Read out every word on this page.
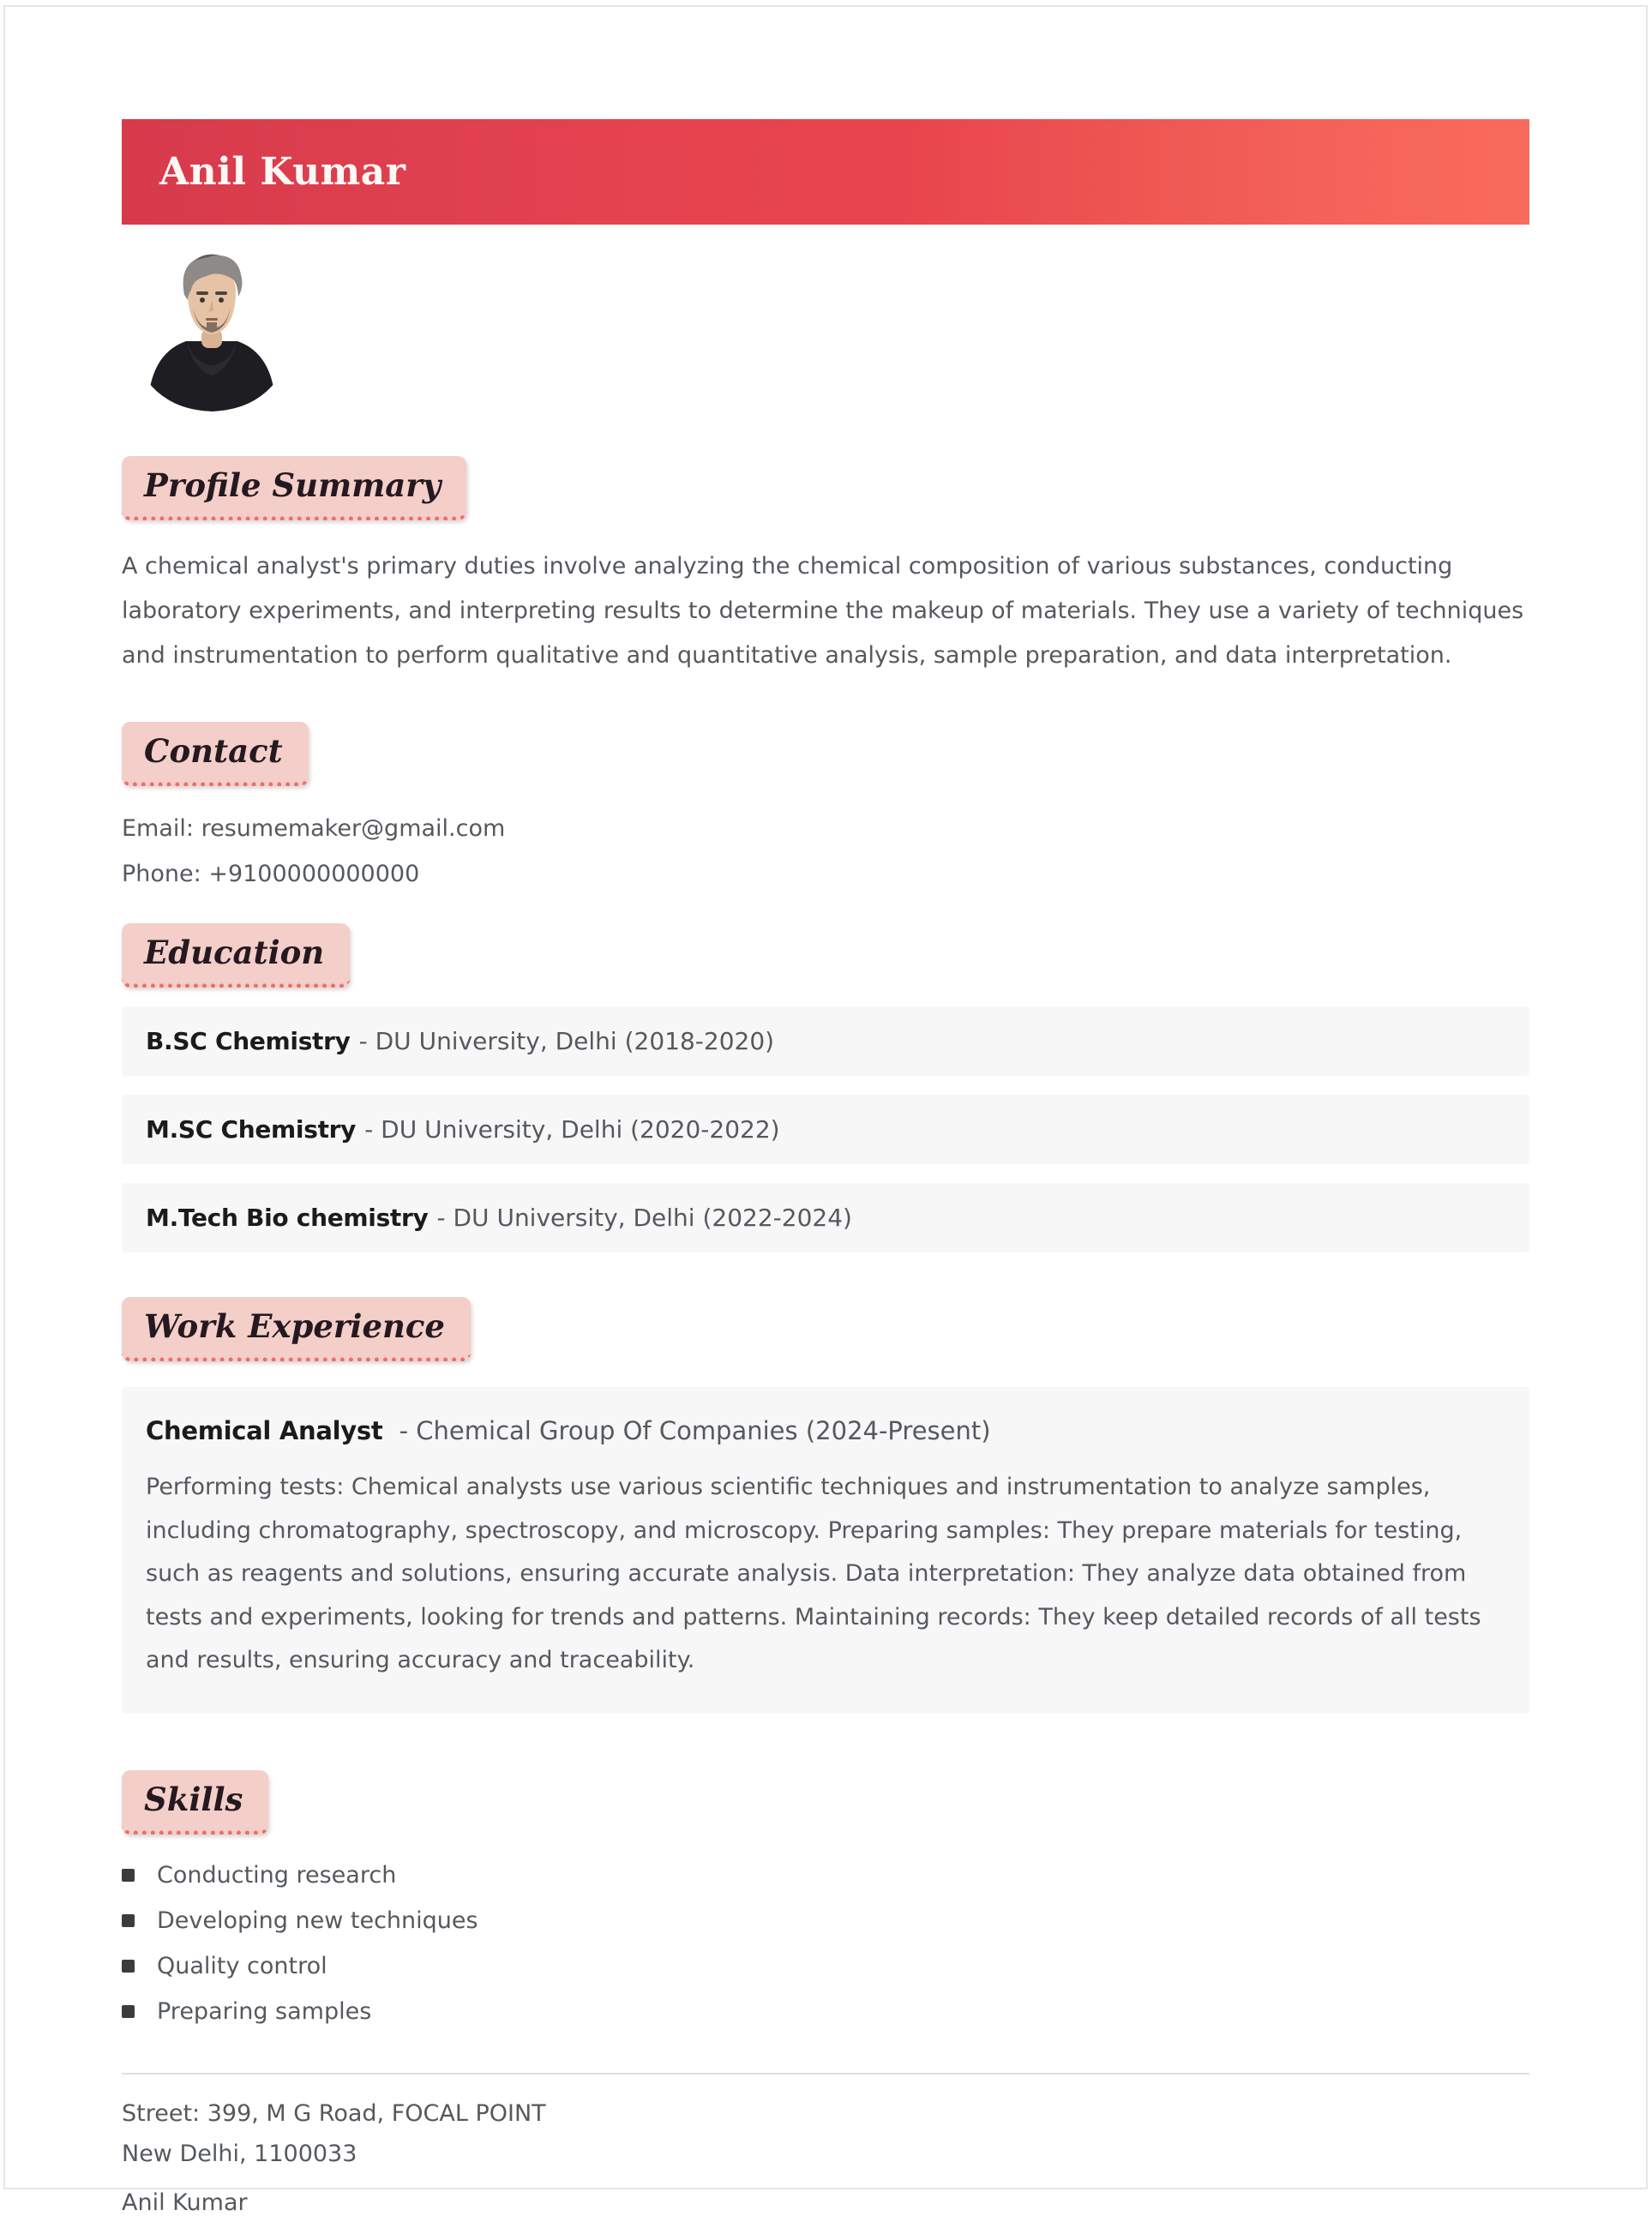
Anil Kumar
Profile Summary

A chemical analyst's primary duties involve analyzing the chemical composition of various substances, conducting laboratory experiments, and interpreting results to determine the makeup of materials. They use a variety of techniques and instrumentation to perform qualitative and quantitative analysis, sample preparation, and data interpretation.

Contact
Email: resumemaker@gmail.com
Phone: +9100000000000
Education
B.SC Chemistry - DU University, Delhi (2018-2020)
M.SC Chemistry - DU University, Delhi (2020-2022)
M.Tech Bio chemistry - DU University, Delhi (2022-2024)
Work Experience
Chemical Analyst - Chemical Group Of Companies (2024-Present)

Performing tests: Chemical analysts use various scientific techniques and instrumentation to analyze samples, including chromatography, spectroscopy, and microscopy. Preparing samples: They prepare materials for testing, such as reagents and solutions, ensuring accurate analysis. Data interpretation: They analyze data obtained from tests and experiments, looking for trends and patterns. Maintaining records: They keep detailed records of all tests and results, ensuring accuracy and traceability.

Skills
Conducting research
Developing new techniques
Quality control
Preparing samples
Street: 399, M G Road, FOCAL POINT
New Delhi, 1100033
Anil Kumar
